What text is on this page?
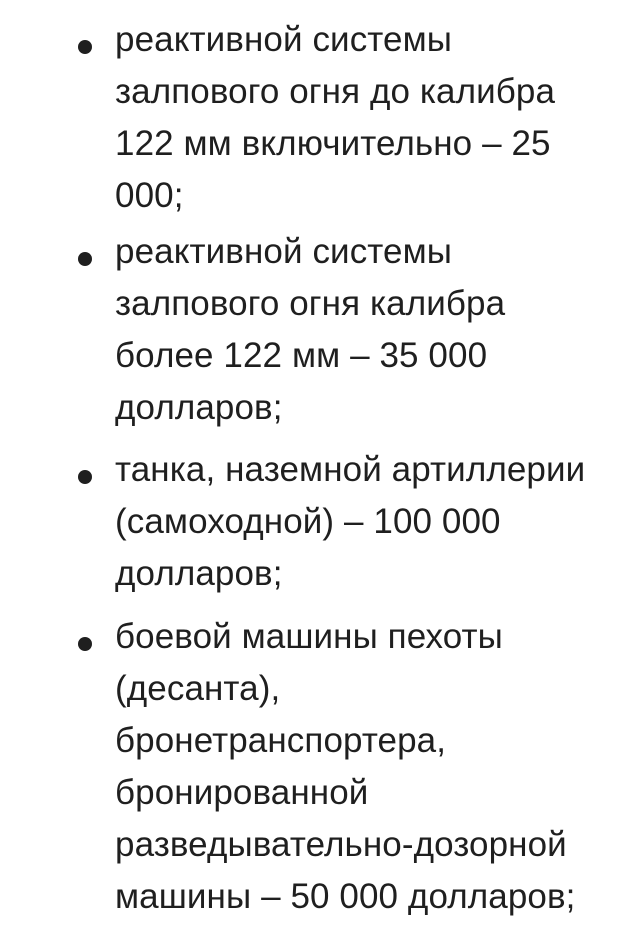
реактивной системы
залпового огня до калибра
122 мм включительно – 25
000;
реактивной системы
залпового огня калибра
более 122 мм – 35 000
долларов;
танка, наземной артиллерии
(самоходной) – 100 000
долларов;
боевой машины пехоты
(десанта),
бронетранспортера,
бронированной
разведывательно-дозорной
машины – 50 000 долларов;
